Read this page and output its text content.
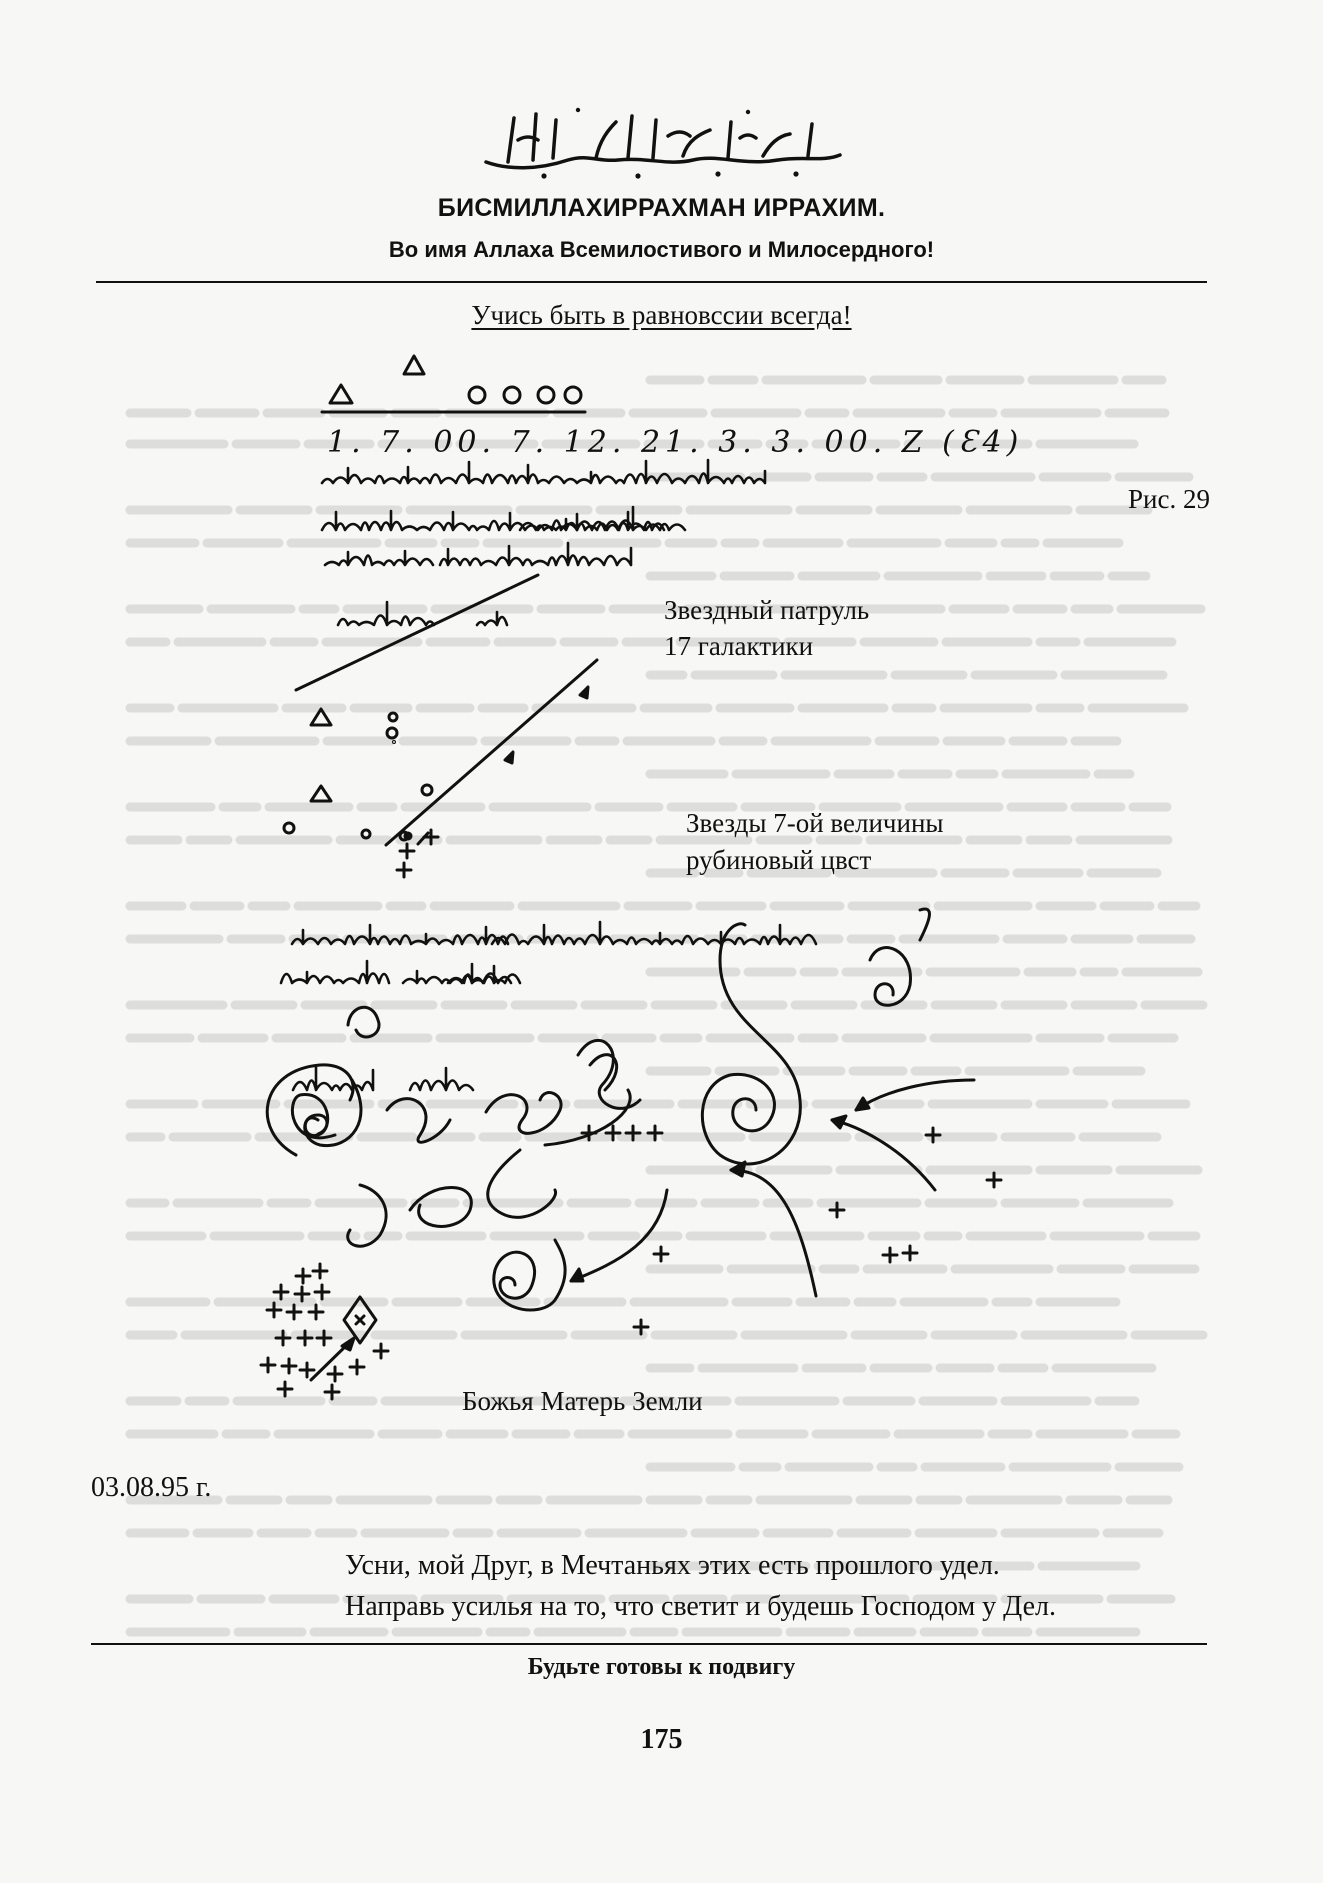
БИСМИЛЛАХИРРАХМАН ИРРАХИМ.
Во имя Аллаха Всемилостивого и Милосердного!
Учись быть в равновссии всегда!
1. 7. 00. 7. 12. 21. 3. 3. 00. Z (Ɛ4)
Рис. 29
Звездный патруль
17 галактики
Звезды 7-ой величины
рубиновый цвст
Божья Матерь Земли
03.08.95 г.
Усни, мой Друг, в Мечтаньях этих есть прошлого удел.
Направь усилья на то, что светит и будешь Господом у Дел.
Будьте готовы к подвигу
175
